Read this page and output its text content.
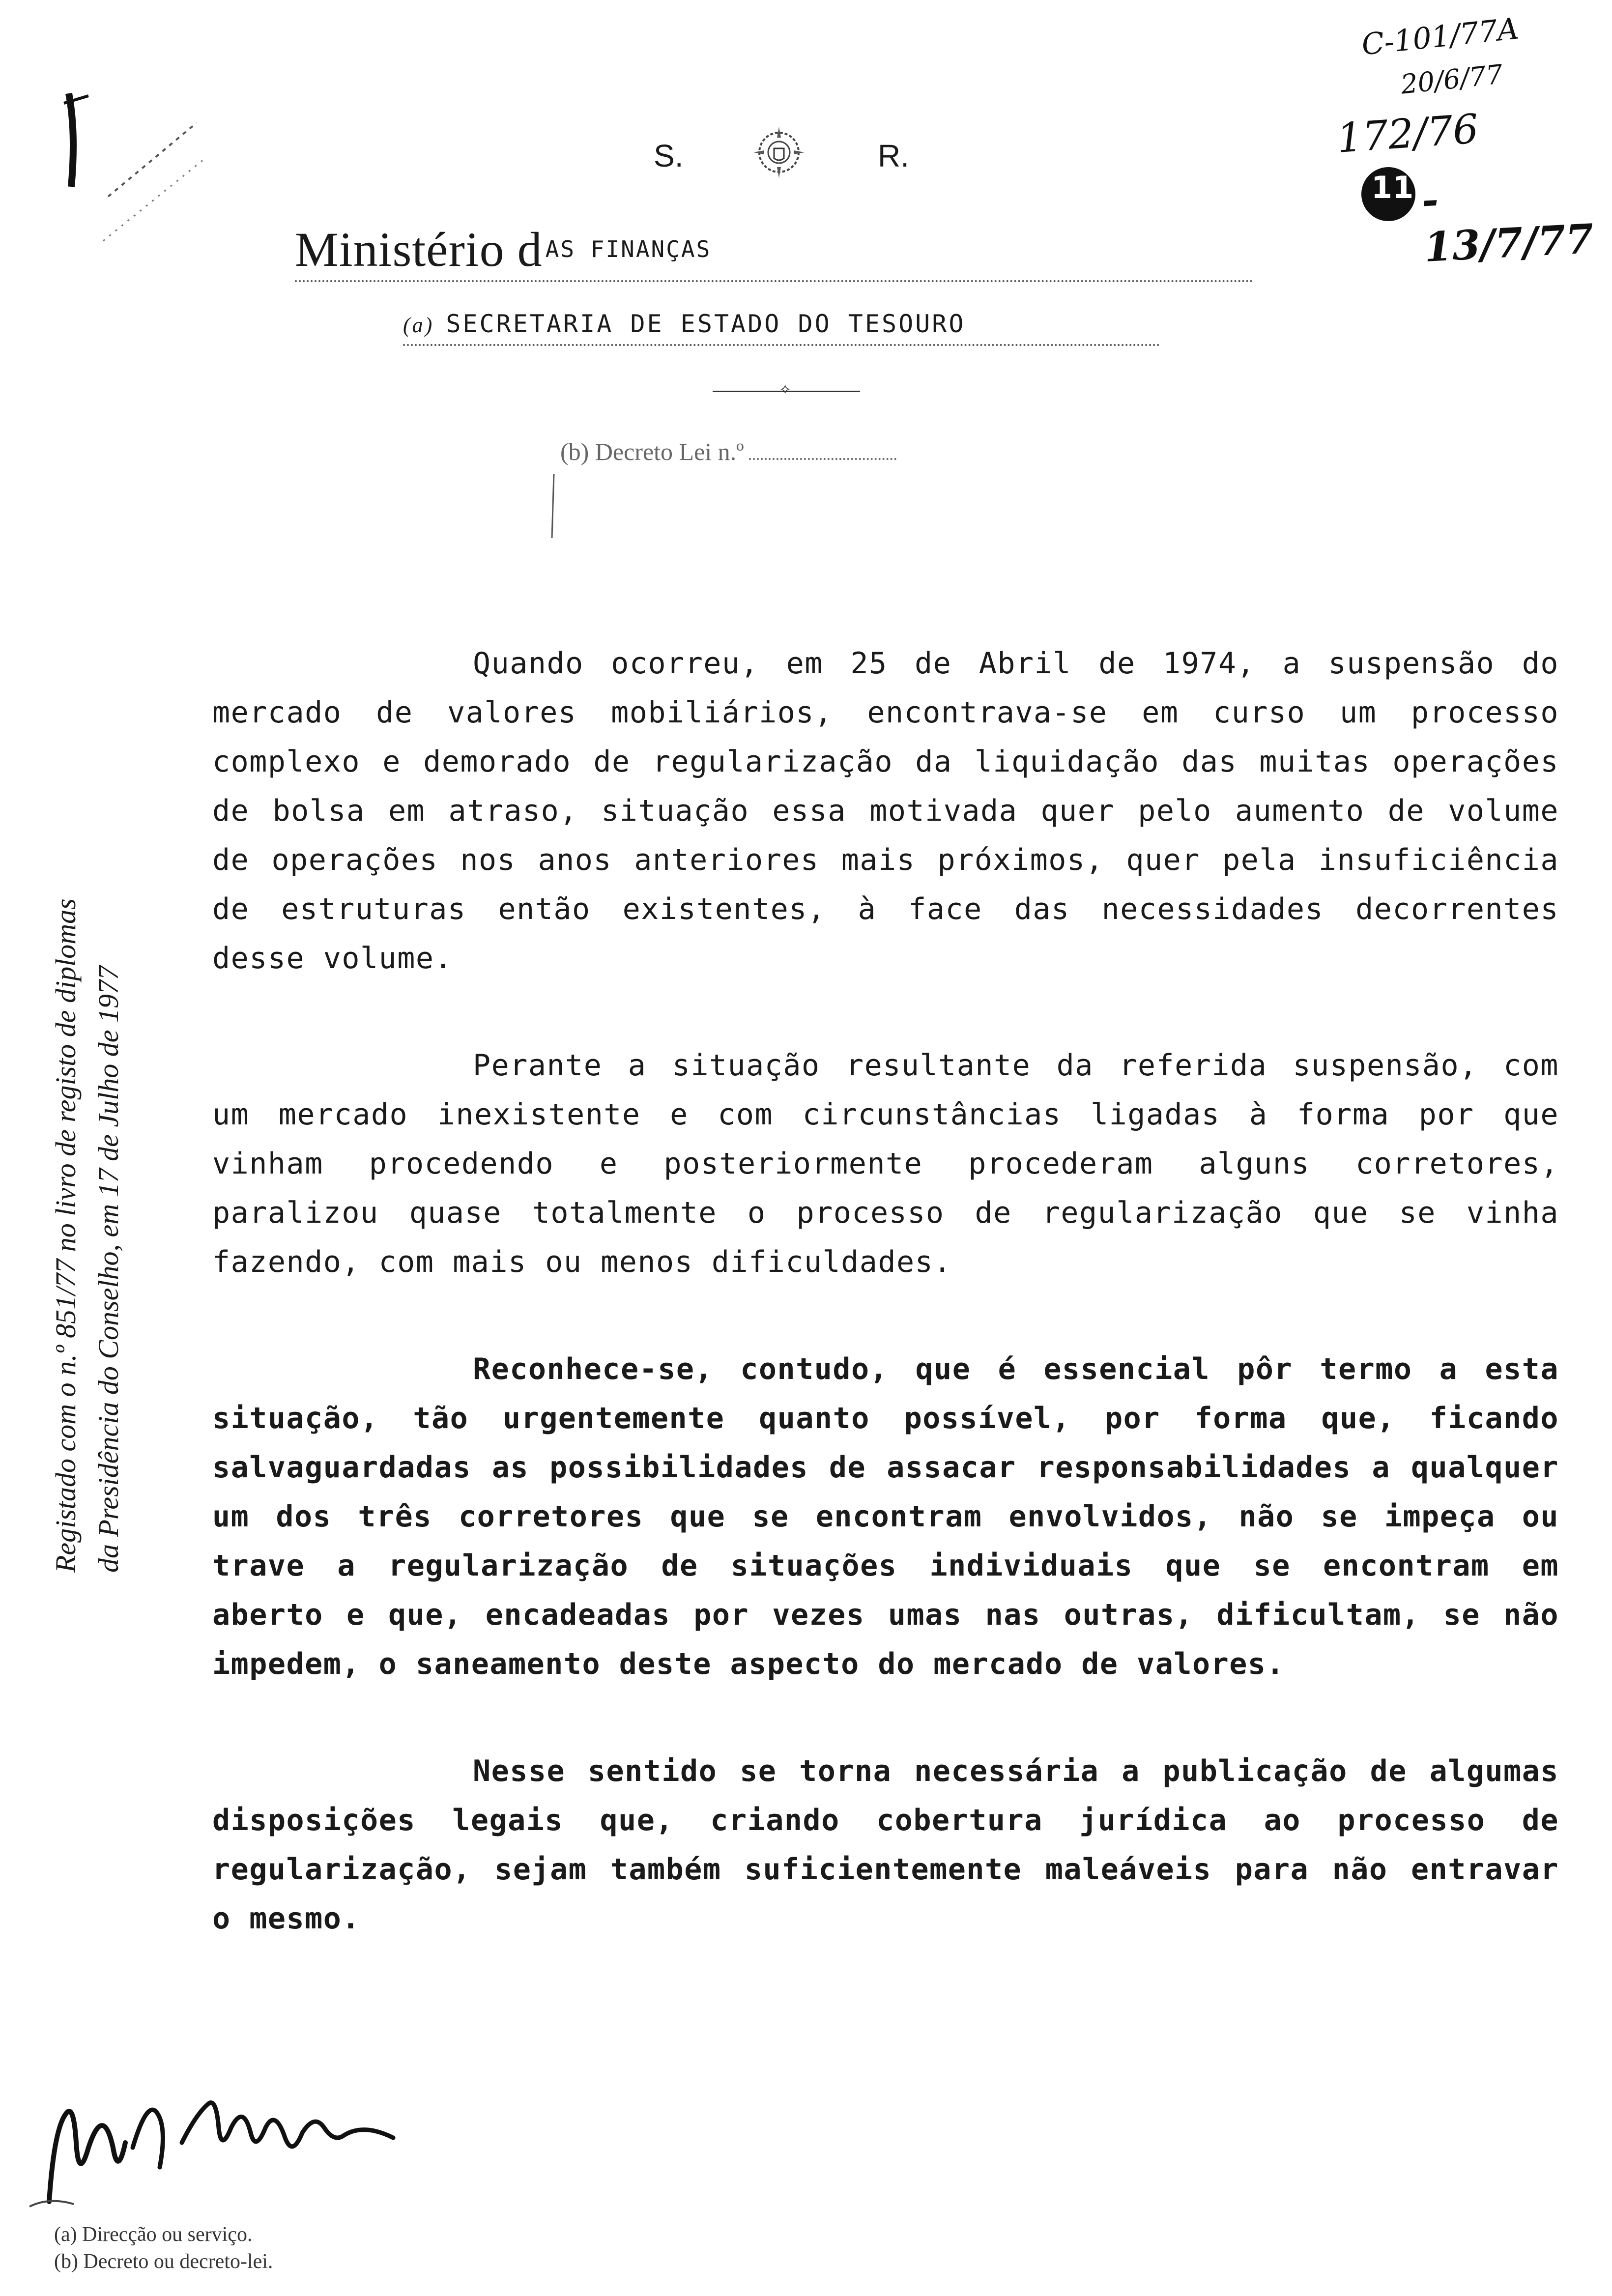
S.	R.
Ministério d AS FINANÇAS
(a) SECRETARIA DE ESTADO DO TESOURO
✧
(b) Decreto Lei n.º
C-101/77A
20/6/77
172/76
11 - 13/7/77
Registado com o n.º 851/77 no livro de registo de diplomas da Presidência do Conselho, em 17 de Julho de 1977

Quando ocorreu, em 25 de Abril de 1974, a suspensão do mercado de valores mobiliários, encontrava-se em curso um processo complexo e demorado de regularização da liquidação das muitas operações de bolsa em atraso, situação essa motivada quer pelo aumento de volume de operações nos anos anteriores mais próximos, quer pela insuficiência de estruturas então existentes, à face das necessidades decorrentes desse volume.

Perante a situação resultante da referida suspensão, com um mercado inexistente e com circunstâncias ligadas à forma por que vinham procedendo e posteriormente procederam alguns corretores, paralizou quase totalmente o processo de regularização que se vinha fazendo, com mais ou menos dificuldades.

Reconhece-se, contudo, que é essencial pôr termo a esta situação, tão urgentemente quanto possível, por forma que, ficando salvaguardadas as possibilidades de assacar responsabilidades a qualquer um dos três corretores que se encontram envolvidos, não se impeça ou trave a regularização de situações individuais que se encontram em aberto e que, encadeadas por vezes umas nas outras, dificultam, se não impedem, o saneamento deste aspecto do mercado de valores.

Nesse sentido se torna necessária a publicação de algumas disposições legais que, criando cobertura jurídica ao processo de regularização, sejam também suficientemente maleáveis para não entravar o mesmo.

(a) Direcção ou serviço.
(b) Decreto ou decreto-lei.
